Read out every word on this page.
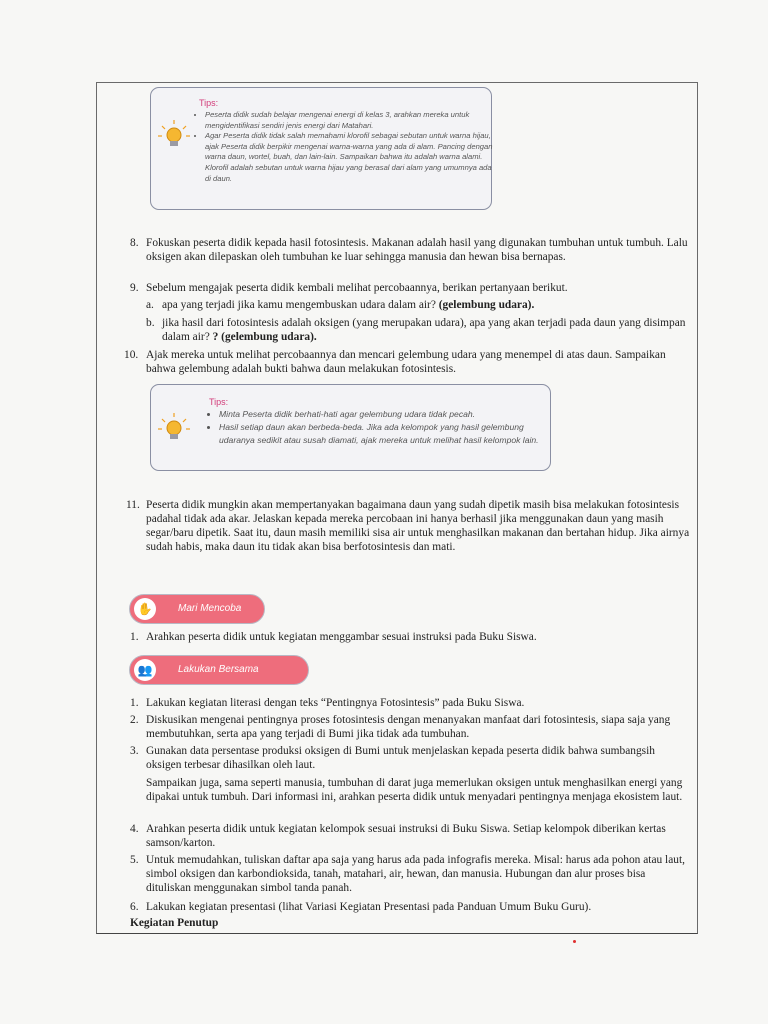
Tips:
• Peserta didik sudah belajar mengenai energi di kelas 3, arahkan mereka untuk mengidentifikasi sendiri jenis energi dari Matahari.
• Agar Peserta didik tidak salah memahami klorofil sebagai sebutan untuk warna hijau, ajak Peserta didik berpikir mengenai warna-warna yang ada di alam. Pancing dengan warna daun, wortel, buah, dan lain-lain. Sampaikan bahwa itu adalah warna alami. Klorofil adalah sebutan untuk warna hijau yang berasal dari alam yang umumnya ada di daun.
8. Fokuskan peserta didik kepada hasil fotosintesis. Makanan adalah hasil yang digunakan tumbuhan untuk tumbuh. Lalu oksigen akan dilepaskan oleh tumbuhan ke luar sehingga manusia dan hewan bisa bernapas.
9. Sebelum mengajak peserta didik kembali melihat percobaannya, berikan pertanyaan berikut.
a. apa yang terjadi jika kamu mengembuskan udara dalam air? (gelembung udara).
b. jika hasil dari fotosintesis adalah oksigen (yang merupakan udara), apa yang akan terjadi pada daun yang disimpan dalam air? ? (gelembung udara).
10. Ajak mereka untuk melihat percobaannya dan mencari gelembung udara yang menempel di atas daun. Sampaikan bahwa gelembung adalah bukti bahwa daun melakukan fotosintesis.
Tips:
• Minta Peserta didik berhati-hati agar gelembung udara tidak pecah.
• Hasil setiap daun akan berbeda-beda. Jika ada kelompok yang hasil gelembung udaranya sedikit atau susah diamati, ajak mereka untuk melihat hasil kelompok lain.
11. Peserta didik mungkin akan mempertanyakan bagaimana daun yang sudah dipetik masih bisa melakukan fotosintesis padahal tidak ada akar. Jelaskan kepada mereka percobaan ini hanya berhasil jika menggunakan daun yang masih segar/baru dipetik. Saat itu, daun masih memiliki sisa air untuk menghasilkan makanan dan bertahan hidup. Jika airnya sudah habis, maka daun itu tidak akan bisa berfotosintesis dan mati.
✋	Mari Mencoba
1. Arahkan peserta didik untuk kegiatan menggambar sesuai instruksi pada Buku Siswa.
👥	Lakukan Bersama
1. Lakukan kegiatan literasi dengan teks “Pentingnya Fotosintesis” pada Buku Siswa.
2. Diskusikan mengenai pentingnya proses fotosintesis dengan menanyakan manfaat dari fotosintesis, siapa saja yang membutuhkan, serta apa yang terjadi di Bumi jika tidak ada tumbuhan.
3. Gunakan data persentase produksi oksigen di Bumi untuk menjelaskan kepada peserta didik bahwa sumbangsih oksigen terbesar dihasilkan oleh laut.
Sampaikan juga, sama seperti manusia, tumbuhan di darat juga memerlukan oksigen untuk menghasilkan energi yang dipakai untuk tumbuh. Dari informasi ini, arahkan peserta didik untuk menyadari pentingnya menjaga ekosistem laut.
4. Arahkan peserta didik untuk kegiatan kelompok sesuai instruksi di Buku Siswa. Setiap kelompok diberikan kertas samson/karton.
5. Untuk memudahkan, tuliskan daftar apa saja yang harus ada pada infografis mereka. Misal: harus ada pohon atau laut, simbol oksigen dan karbondioksida, tanah, matahari, air, hewan, dan manusia. Hubungan dan alur proses bisa dituliskan menggunakan simbol tanda panah.
6. Lakukan kegiatan presentasi (lihat Variasi Kegiatan Presentasi pada Panduan Umum Buku Guru).
Kegiatan Penutup
